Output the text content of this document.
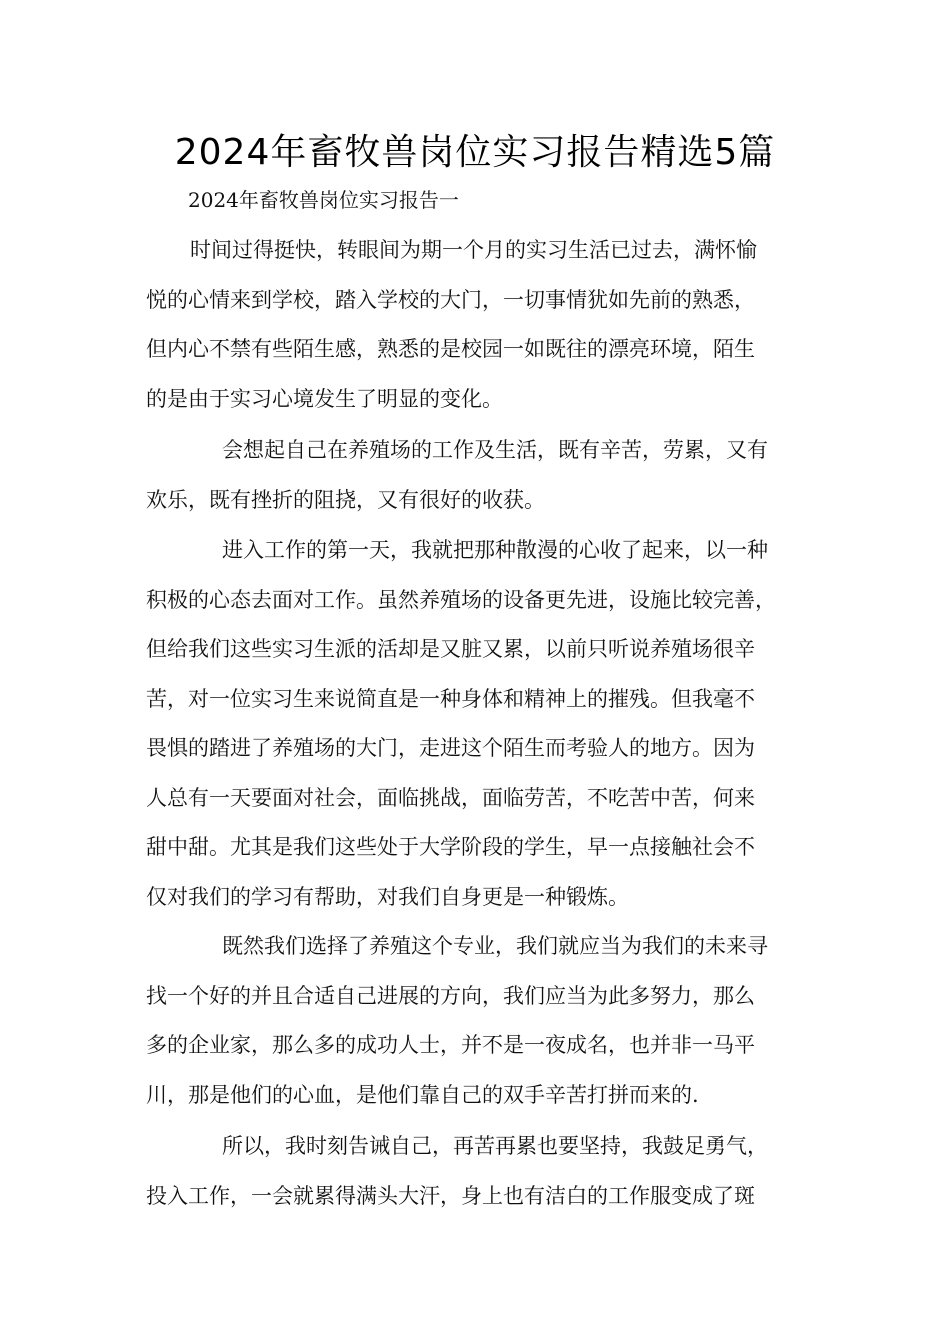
2024年畜牧兽岗位实习报告精选5篇
2024年畜牧兽岗位实习报告一
时间过得挺快，转眼间为期一个月的实习生活已过去，满怀愉
悦的心情来到学校，踏入学校的大门，一切事情犹如先前的熟悉，
但内心不禁有些陌生感，熟悉的是校园一如既往的漂亮环境，陌生
的是由于实习心境发生了明显的变化。
会想起自己在养殖场的工作及生活，既有辛苦，劳累，又有
欢乐，既有挫折的阻挠，又有很好的收获。
进入工作的第一天，我就把那种散漫的心收了起来，以一种
积极的心态去面对工作。虽然养殖场的设备更先进，设施比较完善，
但给我们这些实习生派的活却是又脏又累，以前只听说养殖场很辛
苦，对一位实习生来说简直是一种身体和精神上的摧残。但我毫不
畏惧的踏进了养殖场的大门，走进这个陌生而考验人的地方。因为
人总有一天要面对社会，面临挑战，面临劳苦，不吃苦中苦，何来
甜中甜。尤其是我们这些处于大学阶段的学生，早一点接触社会不
仅对我们的学习有帮助，对我们自身更是一种锻炼。
既然我们选择了养殖这个专业，我们就应当为我们的未来寻
找一个好的并且合适自己进展的方向，我们应当为此多努力，那么
多的企业家，那么多的成功人士，并不是一夜成名，也并非一马平
川，那是他们的心血，是他们靠自己的双手辛苦打拼而来的.
所以，我时刻告诫自己，再苦再累也要坚持，我鼓足勇气，
投入工作，一会就累得满头大汗，身上也有洁白的工作服变成了斑
